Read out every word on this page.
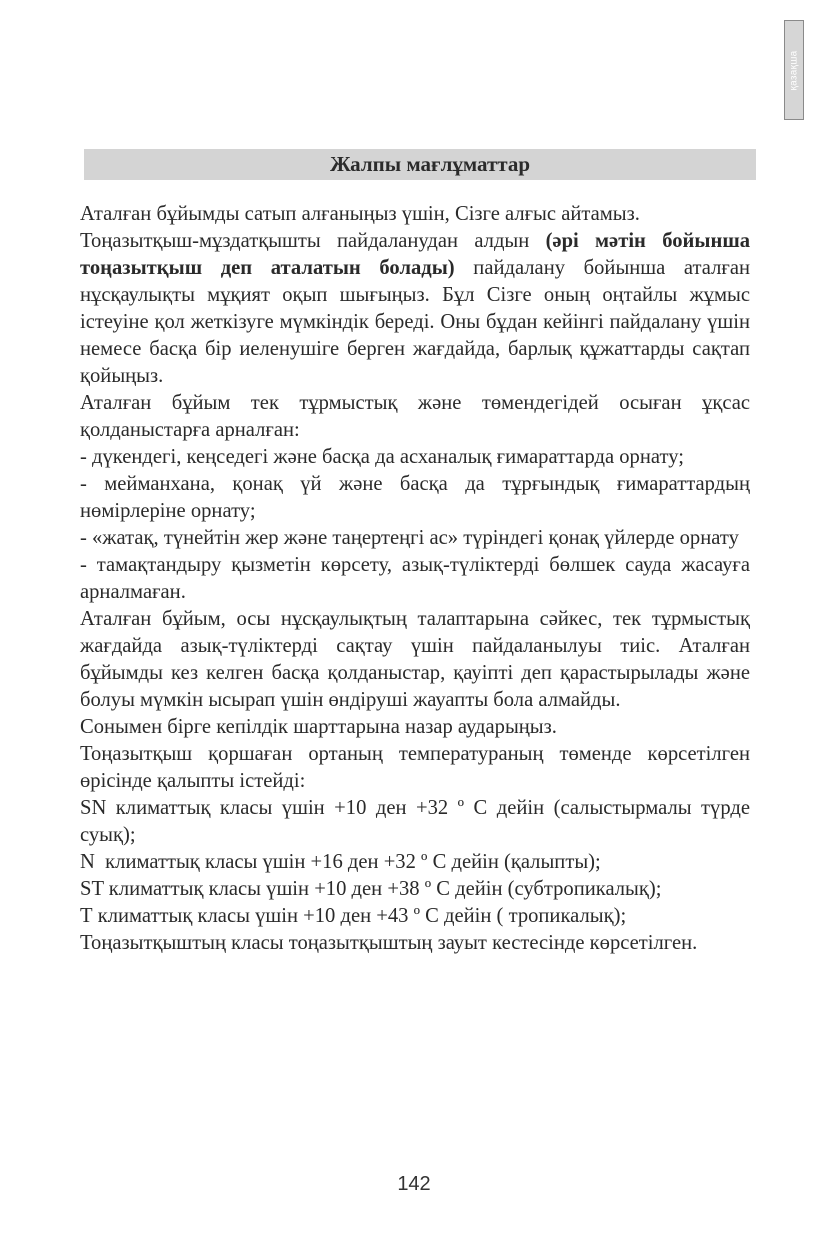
қазақша
Жалпы мағлұматтар

Аталған бұйымды сатып алғаныңыз үшін, Сізге алғыс айтамыз.

Тоңазытқыш-мұздатқышты пайдаланудан алдын (әрі мәтін бойынша тоңазытқыш деп аталатын болады) пайдалану бойынша аталған нұсқаулықты мұқият оқып шығыңыз. Бұл Сізге оның оңтайлы жұмыс істеуіне қол жеткізуге мүмкіндік береді. Оны бұдан кейінгі пайдалану үшін немесе басқа бір иеленушіге берген жағдайда, барлық құжаттарды сақтап қойыңыз.

Аталған бұйым тек тұрмыстық және төмендегідей осыған ұқсас қолданыстарға арналған:

- дүкендегі, кеңседегі және басқа да асханалық ғимараттарда орнату;

- мейманхана, қонақ үй және басқа да тұрғындық ғимараттардың нөмірлеріне орнату;

- «жатақ, түнейтін жер және таңертеңгі ас» түріндегі қонақ үйлерде орнату

- тамақтандыру қызметін көрсету, азық-түліктерді бөлшек сауда жасауға арналмаған.

Аталған бұйым, осы нұсқаулықтың талаптарына сәйкес, тек тұрмыстық жағдайда азық-түліктерді сақтау үшін пайдаланылуы тиіс. Аталған бұйымды кез келген басқа қолданыстар, қауіпті деп қарастырылады және болуы мүмкін ысырап үшін өндіруші жауапты бола алмайды.

Сонымен бірге кепілдік шарттарына назар аударыңыз.

Тоңазытқыш қоршаған ортаның температураның төменде көрсетілген өрісінде қалыпты істейді:

SN климаттық класы үшін +10 ден +32 º С дейін (салыстырмалы түрде суық);

N  климаттық класы үшін +16 ден +32 º С дейін (қалыпты);

ST климаттық класы үшін +10 ден +38 º С дейін (субтропикалық);

Т климаттық класы үшін +10 ден +43 º С дейін ( тропикалық);

Тоңазытқыштың класы тоңазытқыштың зауыт кестесінде көрсетілген.

142
